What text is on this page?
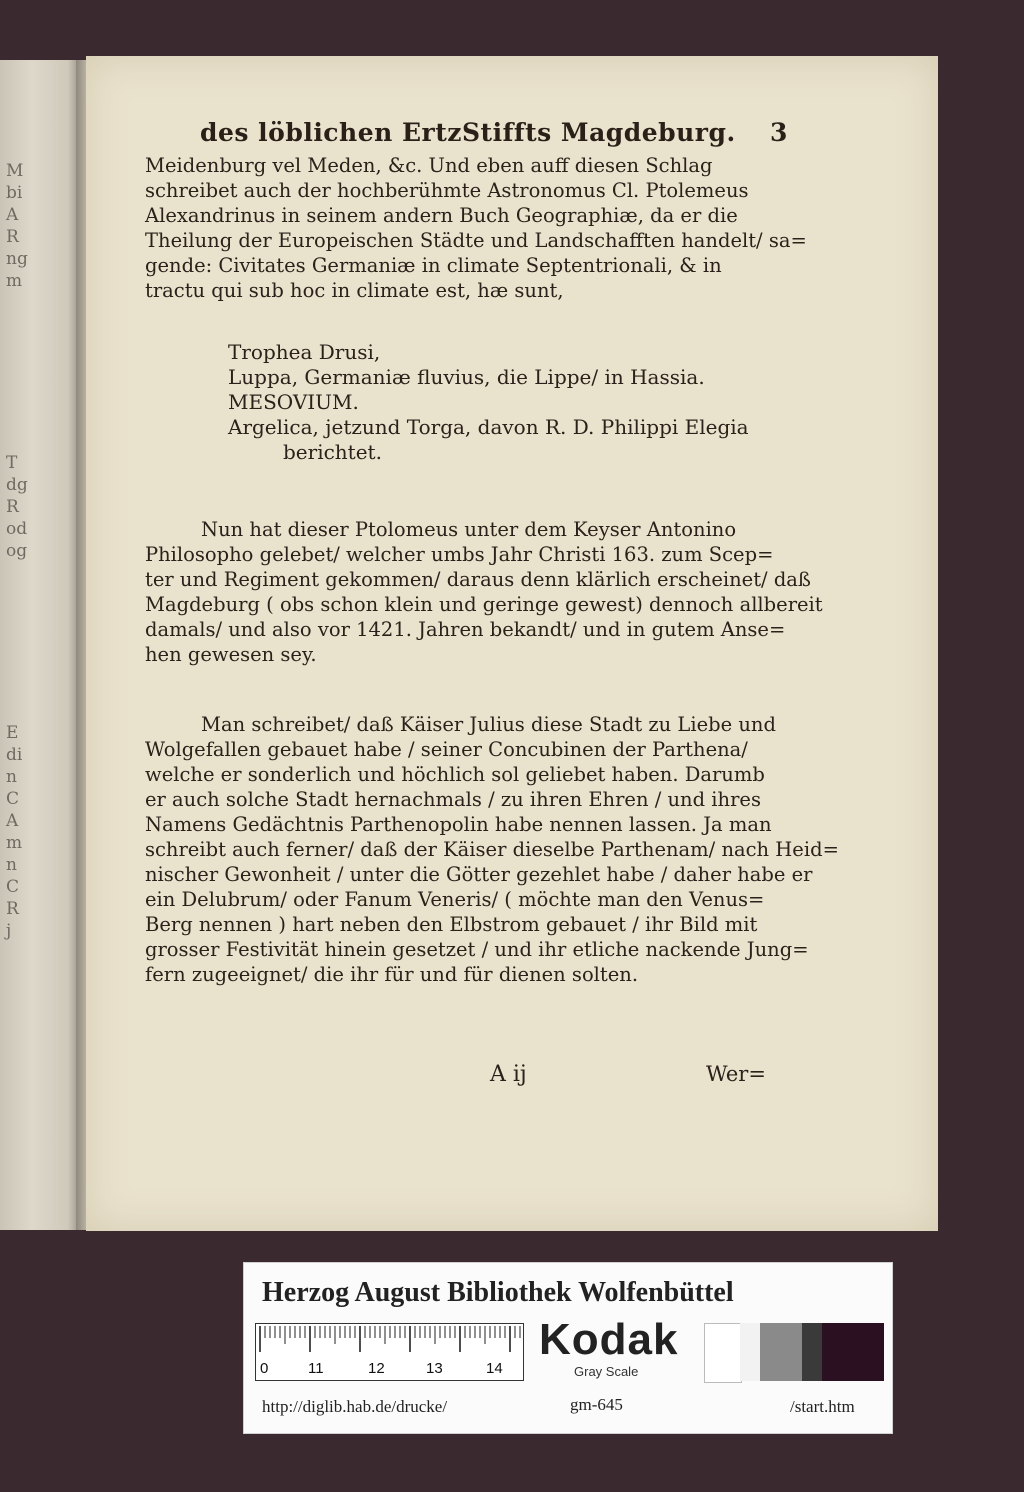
M
bi
A
R
ng
m
T
dg
R
od
og
E
di
n
C
A
m
n
C
R
j
des löblichen ErtzStiffts Magdeburg. 3
Meidenburg vel Meden, &c. Und eben auff diesen Schlag
schreibet auch der hochberühmte Astronomus Cl. Ptolemeus
Alexandrinus in seinem andern Buch Geographiæ, da er die
Theilung der Europeischen Städte und Landschafften handelt/ sa=
gende: Civitates Germaniæ in climate Septentrionali, & in
tractu qui sub hoc in climate est, hæ sunt,
Trophea Drusi,
Luppa, Germaniæ fluvius, die Lippe/ in Hassia.
MESOVIUM.
Argelica, jetzund Torga, davon R. D. Philippi Elegia
berichtet.
Nun hat dieser Ptolomeus unter dem Keyser Antonino
Philosopho gelebet/ welcher umbs Jahr Christi 163. zum Scep=
ter und Regiment gekommen/ daraus denn klärlich erscheinet/ daß
Magdeburg ( obs schon klein und geringe gewest) dennoch allbereit
damals/ und also vor 1421. Jahren bekandt/ und in gutem Anse=
hen gewesen sey.
Man schreibet/ daß Käiser Julius diese Stadt zu Liebe und
Wolgefallen gebauet habe / seiner Concubinen der Parthena/
welche er sonderlich und höchlich sol geliebet haben. Darumb
er auch solche Stadt hernachmals / zu ihren Ehren / und ihres
Namens Gedächtnis Parthenopolin habe nennen lassen. Ja man
schreibt auch ferner/ daß der Käiser dieselbe Parthenam/ nach Heid=
nischer Gewonheit / unter die Götter gezehlet habe / daher habe er
ein Delubrum/ oder Fanum Veneris/ ( möchte man den Venus=
Berg nennen ) hart neben den Elbstrom gebauet / ihr Bild mit
grosser Festivität hinein gesetzet / und ihr etliche nackende Jung=
fern zugeeignet/ die ihr für und für dienen solten.
A ij	Wer=
Herzog August Bibliothek Wolfenbüttel
0	11	12	13	14
Kodak
Gray Scale
http://diglib.hab.de/drucke/	gm-645	/start.htm
